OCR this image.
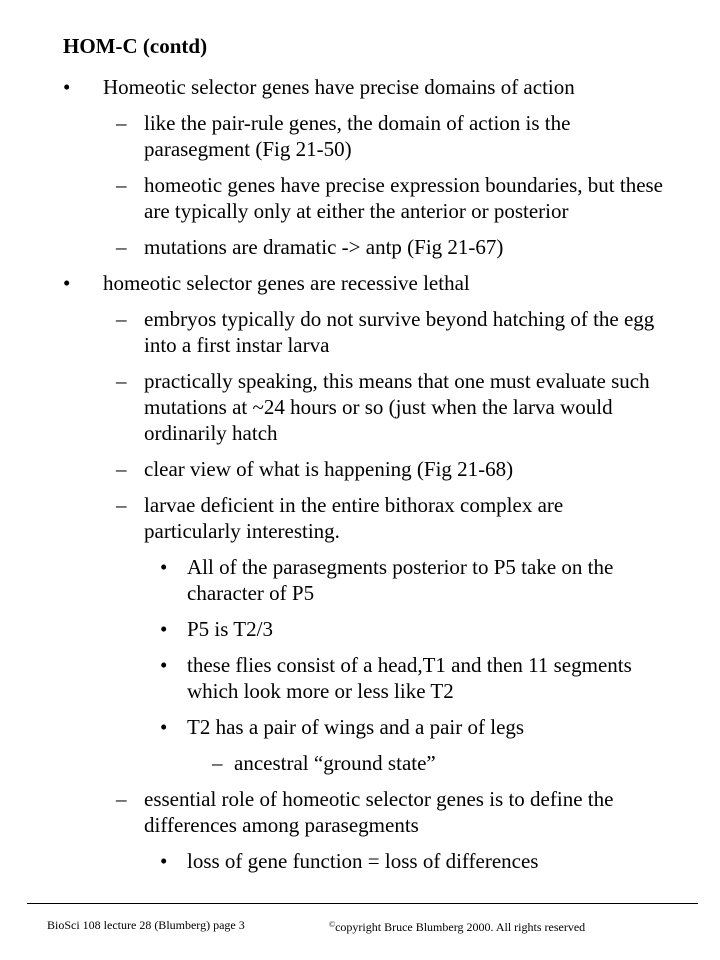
HOM-C (contd)
• Homeotic selector genes have precise domains of action
– like the pair-rule genes, the domain of action is the parasegment (Fig 21-50)
– homeotic genes have precise expression boundaries, but these are typically only at either the anterior or posterior
– mutations are dramatic -> antp (Fig 21-67)
• homeotic selector genes are recessive lethal
– embryos typically do not survive beyond hatching of the egg into a first instar larva
– practically speaking, this means that one must evaluate such mutations at ~24 hours or so (just when the larva would ordinarily hatch
– clear view of what is happening (Fig 21-68)
– larvae deficient in the entire bithorax complex are particularly interesting.
• All of the parasegments posterior to P5 take on the character of P5
• P5 is T2/3
• these flies consist of a head,T1 and then 11 segments which look more or less like T2
• T2 has a pair of wings and a pair of legs
– ancestral “ground state”
– essential role of homeotic selector genes is to define the differences among parasegments
• loss of gene function = loss of differences
BioSci 108 lecture 28 (Blumberg) page 3	©copyright Bruce Blumberg 2000. All rights reserved
